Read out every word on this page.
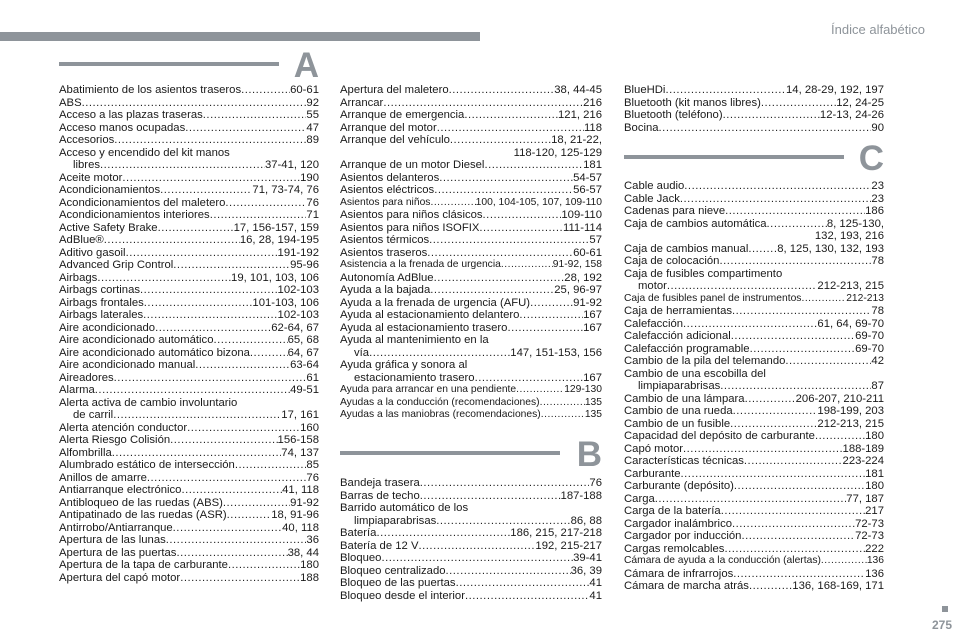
Índice alfabético
A
Abatimiento de los asientos traseros .....	60-61
ABS .....	92
Acceso a las plazas traseras .....	55
Acceso manos ocupadas .....	47
Accesorios .....	89
Acceso y encendido del kit manos
libres .....	37-41, 120
Aceite motor .....	190
Acondicionamientos .....	71, 73-74, 76
Acondicionamientos del maletero .....	76
Acondicionamientos interiores .....	71
Active Safety Brake .....	17, 156-157, 159
AdBlue® .....	16, 28, 194-195
Aditivo gasoil .....	191-192
Advanced Grip Control .....	95-96
Airbags .....	19, 101, 103, 106
Airbags cortinas .....	102-103
Airbags frontales .....	101-103, 106
Airbags laterales .....	102-103
Aire acondicionado .....	62-64, 67
Aire acondicionado automático .....	65, 68
Aire acondicionado automático bizona .....	64, 67
Aire acondicionado manual .....	63-64
Aireadores .....	61
Alarma .....	49-51
Alerta activa de cambio involuntario
de carril .....	17, 161
Alerta atención conductor .....	160
Alerta Riesgo Colisión .....	156-158
Alfombrilla .....	74, 137
Alumbrado estático de intersección .....	85
Anillos de amarre .....	76
Antiarranque electrónico .....	41, 118
Antibloqueo de las ruedas (ABS) .....	91-92
Antipatinado de las ruedas (ASR) .....	18, 91-96
Antirrobo/Antiarranque .....	40, 118
Apertura de las lunas .....	36
Apertura de las puertas .....	38, 44
Apertura de la tapa de carburante .....	180
Apertura del capó motor .....	188
Apertura del maletero .....	38, 44-45
Arrancar .....	216
Arranque de emergencia .....	121, 216
Arranque del motor .....	118
Arranque del vehículo .....	18, 21-22,
118-120, 125-129
Arranque de un motor Diesel .....	181
Asientos delanteros .....	54-57
Asientos eléctricos .....	56-57
Asientos para niños .....	100, 104-105, 107, 109-110
Asientos para niños clásicos .....	109-110
Asientos para niños ISOFIX .....	111-114
Asientos térmicos .....	57
Asientos traseros .....	60-61
Asistencia a la frenada de urgencia .....	91-92, 158
Autonomía AdBlue .....	28, 192
Ayuda a la bajada .....	25, 96-97
Ayuda a la frenada de urgencia (AFU) .....	91-92
Ayuda al estacionamiento delantero .....	167
Ayuda al estacionamiento trasero .....	167
Ayuda al mantenimiento en la
vía .....	147, 151-153, 156
Ayuda gráfica y sonora al
estacionamiento trasero .....	167
Ayuda para arrancar en una pendiente .....	129-130
Ayudas a la conducción (recomendaciones) .....	135
Ayudas a las maniobras (recomendaciones) .....	135
B
Bandeja trasera .....	76
Barras de techo .....	187-188
Barrido automático de los
limpiaparabrisas .....	86, 88
Batería .....	186, 215, 217-218
Batería de 12 V .....	192, 215-217
Bloqueo .....	39-41
Bloqueo centralizado .....	36, 39
Bloqueo de las puertas .....	41
Bloqueo desde el interior .....	41
BlueHDi .....	14, 28-29, 192, 197
Bluetooth (kit manos libres) .....	12, 24-25
Bluetooth (teléfono) .....	12-13, 24-26
Bocina .....	90
C
Cable audio .....	23
Cable Jack .....	23
Cadenas para nieve .....	186
Caja de cambios automática .....	8, 125-130,
132, 193, 216
Caja de cambios manual .....	8, 125, 130, 132, 193
Caja de colocación .....	78
Caja de fusibles compartimento
motor .....	212-213, 215
Caja de fusibles panel de instrumentos .....	212-213
Caja de herramientas .....	78
Calefacción .....	61, 64, 69-70
Calefacción adicional .....	69-70
Calefacción programable .....	69-70
Cambio de la pila del telemando .....	42
Cambio de una escobilla del
limpiaparabrisas .....	87
Cambio de una lámpara .....	206-207, 210-211
Cambio de una rueda .....	198-199, 203
Cambio de un fusible .....	212-213, 215
Capacidad del depósito de carburante .....	180
Capó motor .....	188-189
Características técnicas .....	223-224
Carburante .....	181
Carburante (depósito) .....	180
Carga .....	77, 187
Carga de la batería .....	217
Cargador inalámbrico .....	72-73
Cargador por inducción .....	72-73
Cargas remolcables .....	222
Cámara de ayuda a la conducción (alertas) .....	136
Cámara de infrarrojos .....	136
Cámara de marcha atrás .....	136, 168-169, 171
275
